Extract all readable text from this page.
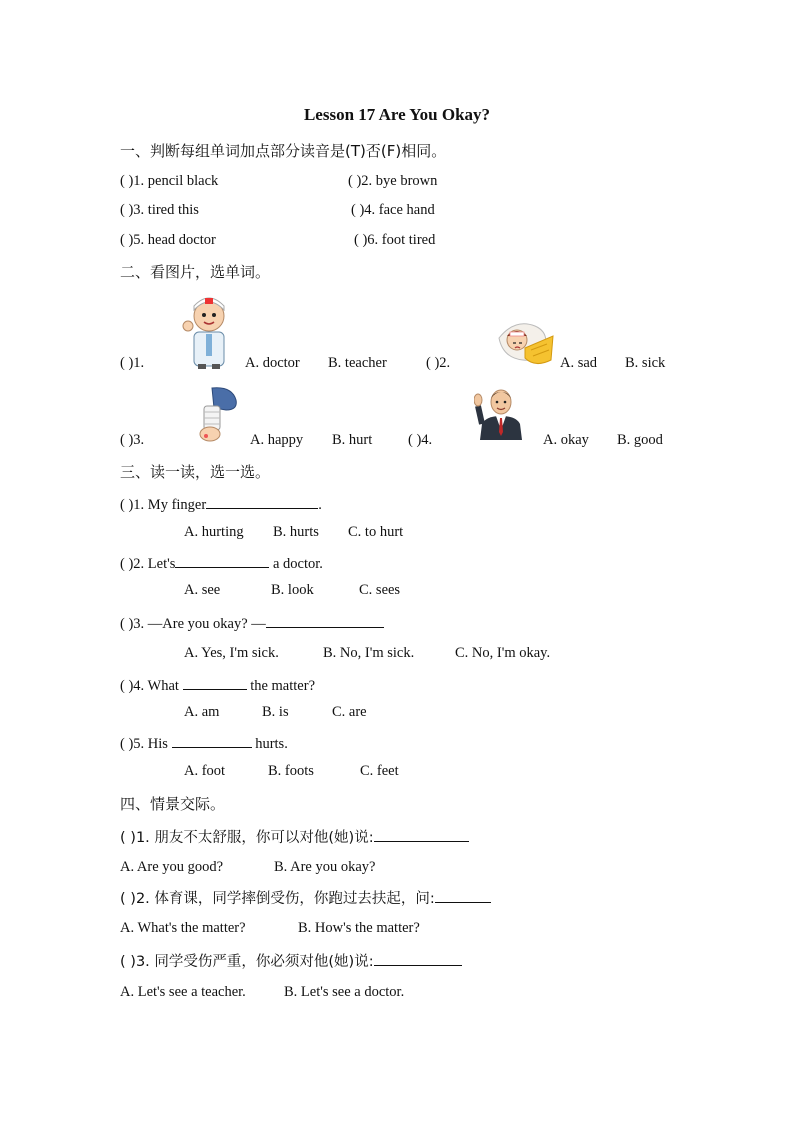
Lesson 17 Are You Okay?
一、判断每组单词加点部分读音是(T)否(F)相同。
( )1. pencil black	( )2. bye brown
( )3. tired this	( )4. face hand
( )5. head doctor	( )6. foot tired
二、看图片，选单词。
( )1.	A. doctor B. teacher	( )2.	A. sad B. sick
( )3.	A. happy B. hurt ( )4.	A. okay B. good
三、读一读，选一选。
( )1. My finger	.
A. hurting B. hurts C. to hurt
( )2. Let's	a doctor.
A. see	B. look	C. sees
( )3. —Are you okay? —
A. Yes, I'm sick.	B. No, I'm sick.	C. No, I'm okay.
( )4. What	the matter?
A. am	B. is	C. are
( )5. His	hurts.
A. foot	B. foots	C. feet
四、情景交际。
( )1. 朋友不太舒服，你可以对他(她)说:
A. Are you good?	B. Are you okay?
( )2. 体育课，同学摔倒受伤，你跑过去扶起，问:
A. What's the matter?	B. How's the matter?
( )3. 同学受伤严重，你必须对他(她)说:
A. Let's see a teacher.	B. Let's see a doctor.
